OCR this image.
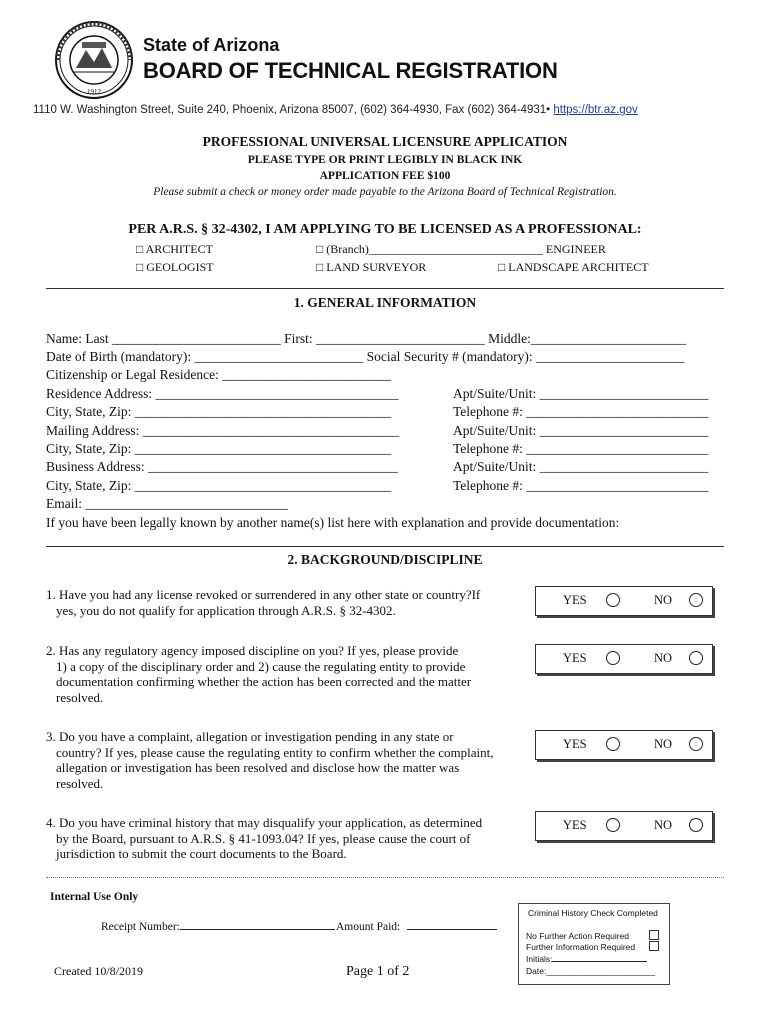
1912
State of Arizona
BOARD OF TECHNICAL REGISTRATION
1110 W. Washington Street, Suite 240, Phoenix, Arizona 85007, (602) 364-4930, Fax (602) 364-4931• https://btr.az.gov
PROFESSIONAL UNIVERSAL LICENSURE APPLICATION
PLEASE TYPE OR PRINT LEGIBLY IN BLACK INK
APPLICATION FEE $100
Please submit a check or money order made payable to the Arizona Board of Technical Registration.
PER A.R.S. § 32-4302, I AM APPLYING TO BE LICENSED AS A PROFESSIONAL:
□ ARCHITECT	□ (Branch)_____________________________ ENGINEER
□ GEOLOGIST	□ LAND SURVEYOR	□ LANDSCAPE ARCHITECT
1. GENERAL INFORMATION
Name: Last _________________________ First: _________________________ Middle:_______________________
Date of Birth (mandatory): _________________________ Social Security # (mandatory): ______________________
Citizenship or Legal Residence: _________________________
Residence Address: ____________________________________	Apt/Suite/Unit: _________________________
City, State, Zip: ______________________________________	Telephone #: ___________________________
Mailing Address: ______________________________________	Apt/Suite/Unit: _________________________
City, State, Zip: ______________________________________	Telephone #: ___________________________
Business Address: _____________________________________	Apt/Suite/Unit: _________________________
City, State, Zip: ______________________________________	Telephone #: ___________________________
Email: ______________________________
If you have been legally known by another name(s) list here with explanation and provide documentation:
2. BACKGROUND/DISCIPLINE
1. Have you had any license revoked or surrendered in any other state or country?If
yes, you do not qualify for application through A.R.S. § 32-4302.
YES	NO
2. Has any regulatory agency imposed discipline on you? If yes, please provide
1) a copy of the disciplinary order and 2) cause the regulating entity to provide
documentation confirming whether the action has been corrected and the matter
resolved.
YES	NO
3. Do you have a complaint, allegation or investigation pending in any state or
country? If yes, please cause the regulating entity to confirm whether the complaint,
allegation or investigation has been resolved and disclose how the matter was
resolved.
YES	NO
4. Do you have criminal history that may disqualify your application, as determined
by the Board, pursuant to A.R.S. § 41-1093.04? If yes, please cause the court of
jurisdiction to submit the court documents to the Board.
YES	NO
Internal Use Only
Receipt Number:	Amount Paid:
Criminal History Check Completed
No Further Action Required
Further Information Required
Initials:
Date:_______________________
Created 10/8/2019	Page 1 of 2
